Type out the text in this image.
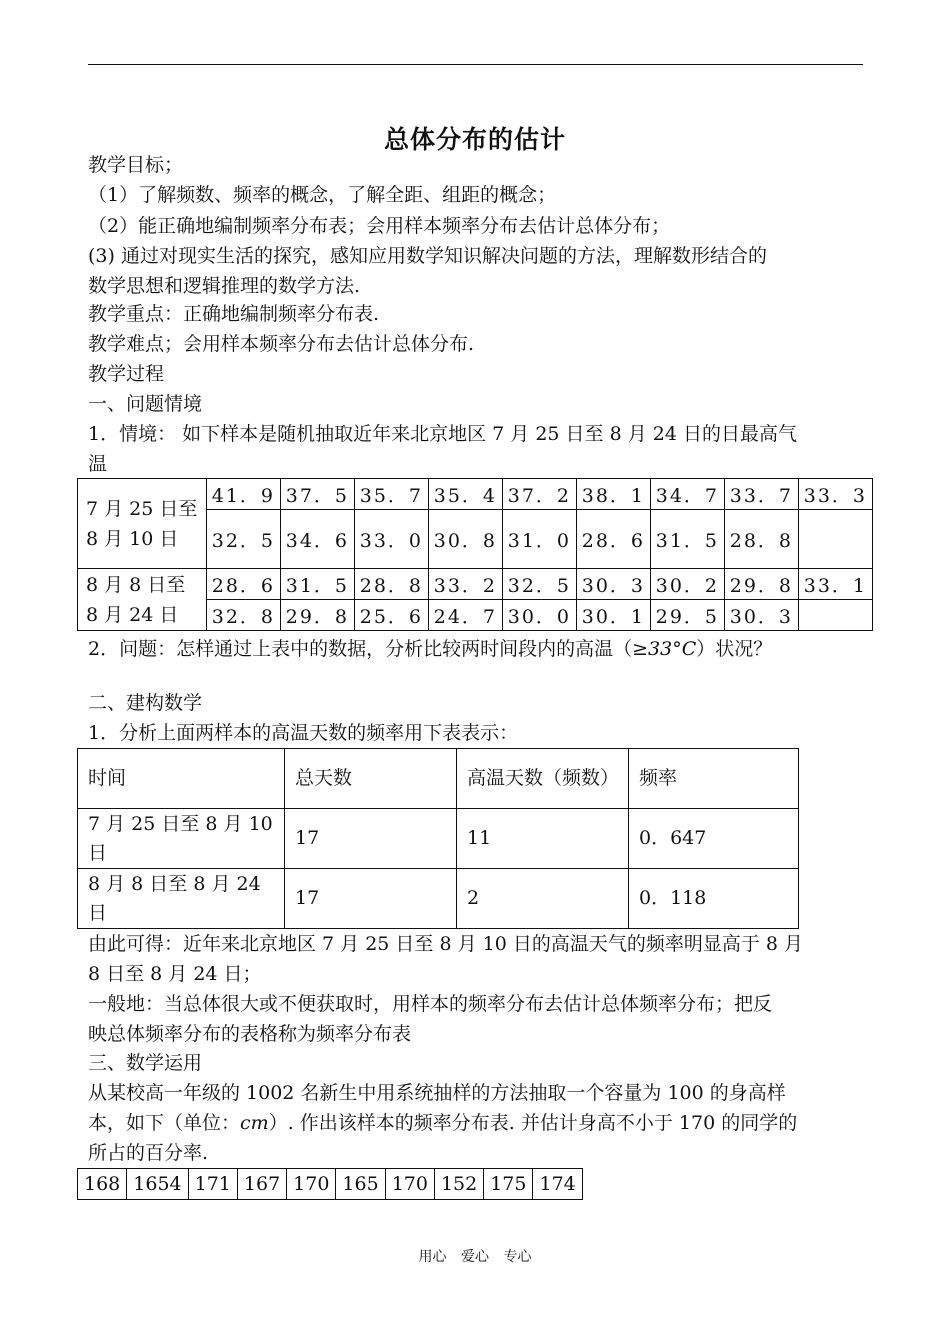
总体分布的估计
教学目标；
（1）了解频数、频率的概念，了解全距、组距的概念；
（2）能正确地编制频率分布表；会用样本频率分布去估计总体分布；
(3) 通过对现实生活的探究，感知应用数学知识解决问题的方法，理解数形结合的
数学思想和逻辑推理的数学方法.
教学重点：正确地编制频率分布表.
教学难点；会用样本频率分布去估计总体分布.
教学过程
一、问题情境
1．情境： 如下样本是随机抽取近年来北京地区 7 月 25 日至 8 月 24 日的日最高气
温
7 月 25 日至 8 月 10 日	41．9	37．5	35．7	35．4	37．2	38．1	34．7	33．7	33．3
	32．5	34．6	33．0	30．8	31．0	28．6	31．5	28．8	
8 月 8 日至 8 月 24 日	28．6	31．5	28．8	33．2	32．5	30．3	30．2	29．8	33．1
	32．8	29．8	25．6	24．7	30．0	30．1	29．5	30．3	
2．问题：怎样通过上表中的数据，分析比较两时间段内的高温（≥33°C）状况？
二、建构数学
1．分析上面两样本的高温天数的频率用下表表示：
时间	总天数	高温天数（频数）	频率
7 月 25 日至 8 月 10 日	17	11	0．647
8 月 8 日至 8 月 24 日	17	2	0．118
由此可得：近年来北京地区 7 月 25 日至 8 月 10 日的高温天气的频率明显高于 8 月
8 日至 8 月 24 日；
一般地：当总体很大或不便获取时，用样本的频率分布去估计总体频率分布；把反
映总体频率分布的表格称为频率分布表
三、数学运用
从某校高一年级的 1002 名新生中用系统抽样的方法抽取一个容量为 100 的身高样
本，如下（单位：cm）. 作出该样本的频率分布表. 并估计身高不小于 170 的同学的
所占的百分率.
168	1654	171	167	170	165	170	152	175	174
用心 爱心 专心
